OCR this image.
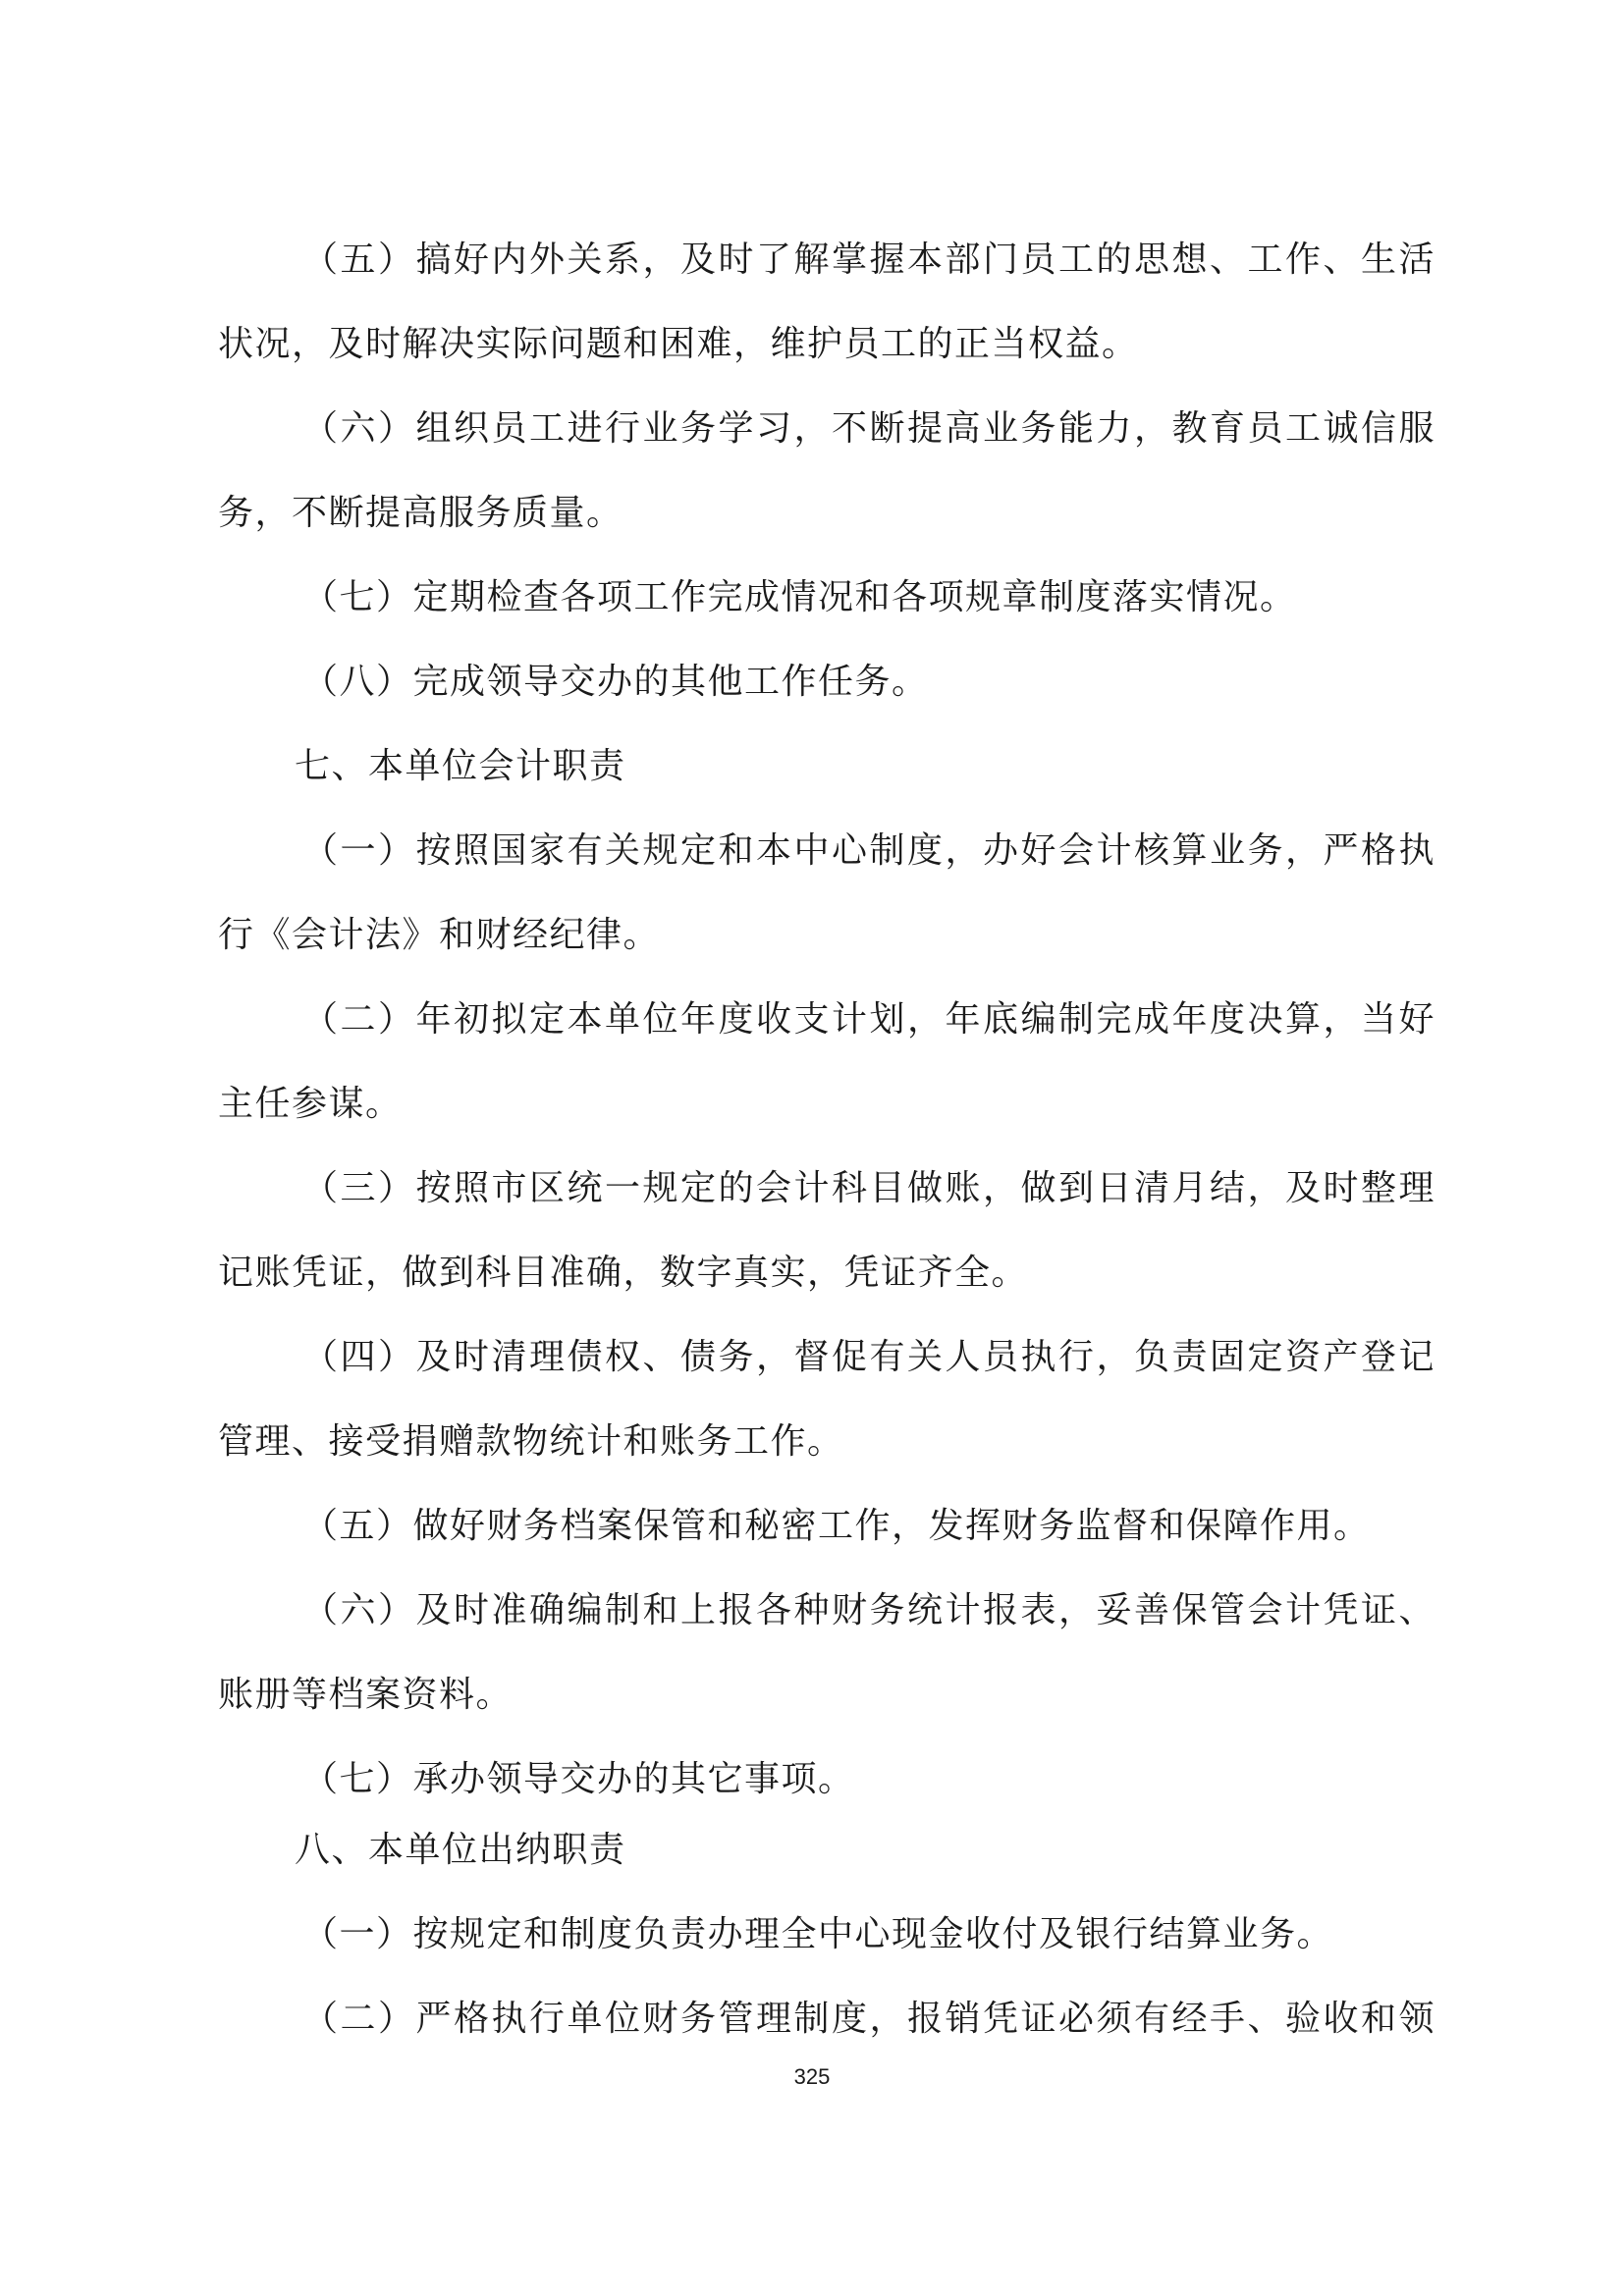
（五）搞好内外关系，及时了解掌握本部门员工的思想、工作、生活
状况，及时解决实际问题和困难，维护员工的正当权益。
（六）组织员工进行业务学习，不断提高业务能力，教育员工诚信服
务，不断提高服务质量。
（七）定期检查各项工作完成情况和各项规章制度落实情况。
（八）完成领导交办的其他工作任务。
七、本单位会计职责
（一）按照国家有关规定和本中心制度，办好会计核算业务，严格执
行《会计法》和财经纪律。
（二）年初拟定本单位年度收支计划，年底编制完成年度决算，当好
主任参谋。
（三）按照市区统一规定的会计科目做账，做到日清月结，及时整理
记账凭证，做到科目准确，数字真实，凭证齐全。
（四）及时清理债权、债务，督促有关人员执行，负责固定资产登记
管理、接受捐赠款物统计和账务工作。
（五）做好财务档案保管和秘密工作，发挥财务监督和保障作用。
（六）及时准确编制和上报各种财务统计报表，妥善保管会计凭证、
账册等档案资料。
（七）承办领导交办的其它事项。
八、本单位出纳职责
（一）按规定和制度负责办理全中心现金收付及银行结算业务。
（二）严格执行单位财务管理制度，报销凭证必须有经手、验收和领
325
